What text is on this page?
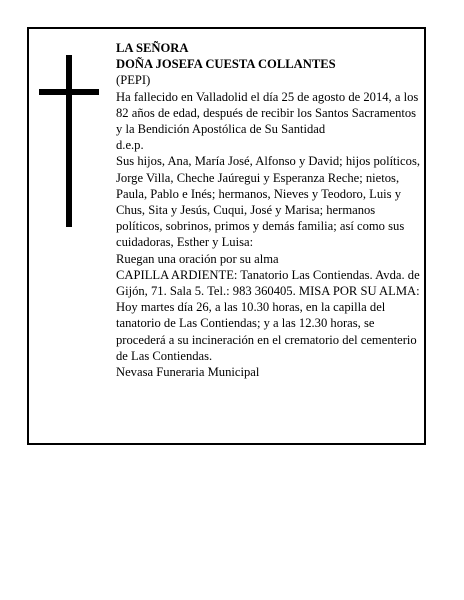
LA SEÑORA

DOÑA JOSEFA CUESTA COLLANTES

(PEPI)

Ha fallecido en Valladolid el día 25 de agosto de 2014, a los 82 años de edad, después de recibir los Santos Sacramentos y la Bendición Apostólica de Su Santidad

d.e.p.

Sus hijos, Ana, María José, Alfonso y David; hijos políticos, Jorge Villa, Cheche Jaúregui y Esperanza Reche; nietos, Paula, Pablo e Inés; hermanos, Nieves y Teodoro, Luis y Chus, Sita y Jesús, Cuqui, José y Marisa; hermanos políticos, sobrinos, primos y demás familia; así como sus cuidadoras, Esther y Luisa:

Ruegan una oración por su alma

CAPILLA ARDIENTE: Tanatorio Las Contiendas. Avda. de Gijón, 71. Sala 5. Tel.: 983 360405. MISA POR SU ALMA: Hoy martes día 26, a las 10.30 horas, en la capilla del tanatorio de Las Contiendas; y a las 12.30 horas, se procederá a su incineración en el crematorio del cementerio de Las Contiendas.

Nevasa Funeraria Municipal
